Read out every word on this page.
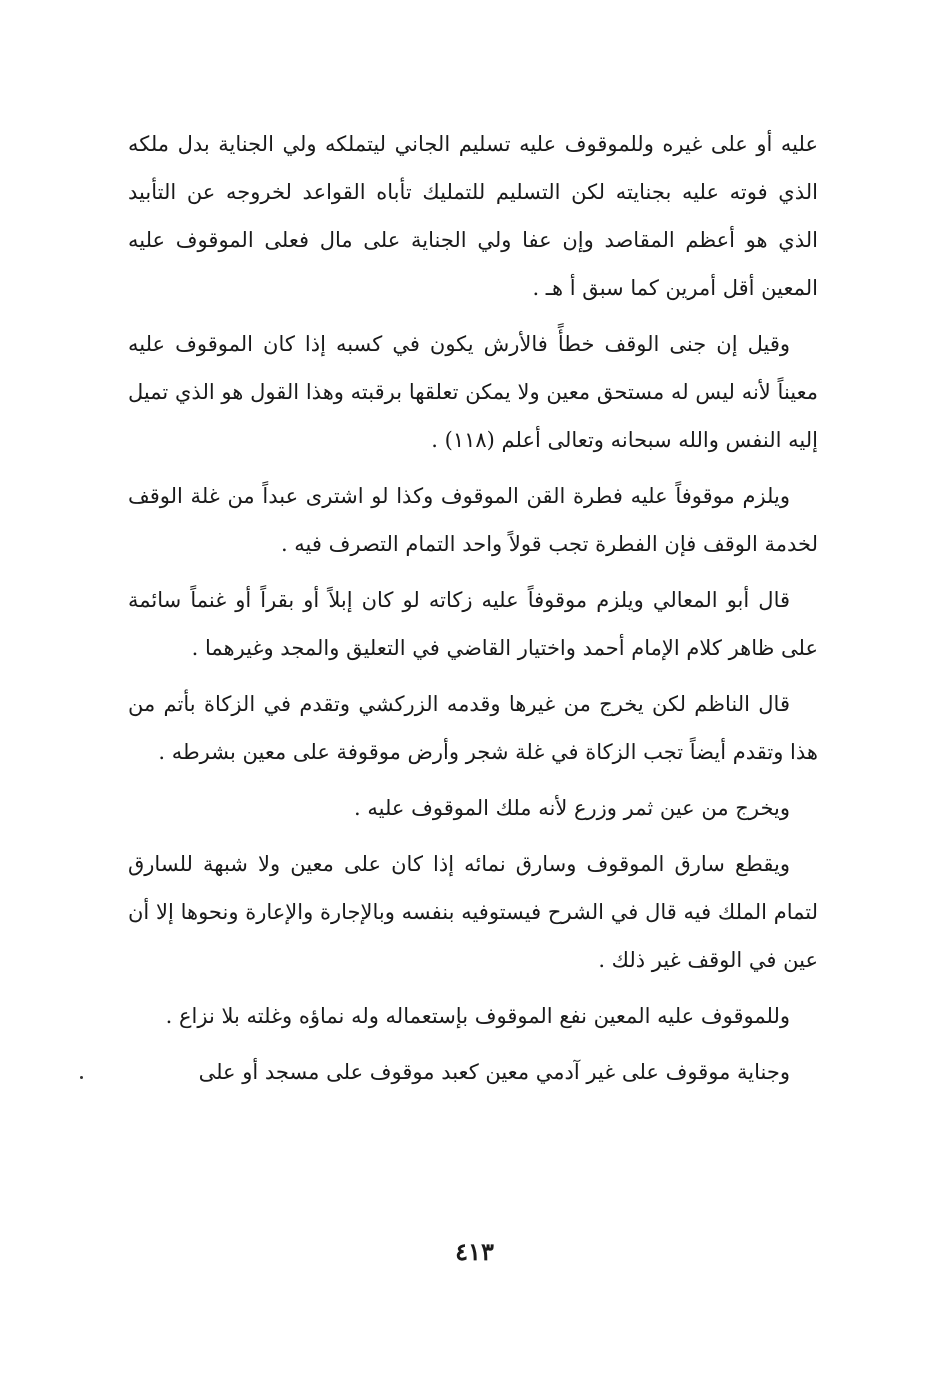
عليه أو على غيره وللموقوف عليه تسليم الجاني ليتملكه ولي الجناية بدل ملكه الذي فوته عليه بجنايته لكن التسليم للتمليك تأباه القواعد لخروجه عن التأبيد الذي هو أعظم المقاصد وإن عفا ولي الجناية على مال فعلى الموقوف عليه المعين أقل أمرين كما سبق أ هـ .

وقيل إن جنى الوقف خطأً فالأرش يكون في كسبه إذا كان الموقوف عليه معيناً لأنه ليس له مستحق معين ولا يمكن تعلقها برقبته وهذا القول هو الذي تميل إليه النفس والله سبحانه وتعالى أعلم (١١٨) .

ويلزم موقوفاً عليه فطرة القن الموقوف وكذا لو اشترى عبداً من غلة الوقف لخدمة الوقف فإن الفطرة تجب قولاً واحد التمام التصرف فيه .

قال أبو المعالي ويلزم موقوفاً عليه زكاته لو كان إبلاً أو بقراً أو غنماً سائمة على ظاهر كلام الإمام أحمد واختيار القاضي في التعليق والمجد وغيرهما .

قال الناظم لكن يخرج من غيرها وقدمه الزركشي وتقدم في الزكاة بأتم من هذا وتقدم أيضاً تجب الزكاة في غلة شجر وأرض موقوفة على معين بشرطه .

ويخرج من عين ثمر وزرع لأنه ملك الموقوف عليه .

ويقطع سارق الموقوف وسارق نمائه إذا كان على معين ولا شبهة للسارق لتمام الملك فيه قال في الشرح فيستوفيه بنفسه وبالإجارة والإعارة ونحوها إلا أن عين في الوقف غير ذلك .

وللموقوف عليه المعين نفع الموقوف بإستعماله وله نماؤه وغلته بلا نزاع .

وجناية موقوف على غير آدمي معين كعبد موقوف على مسجد أو على

٤١٣
